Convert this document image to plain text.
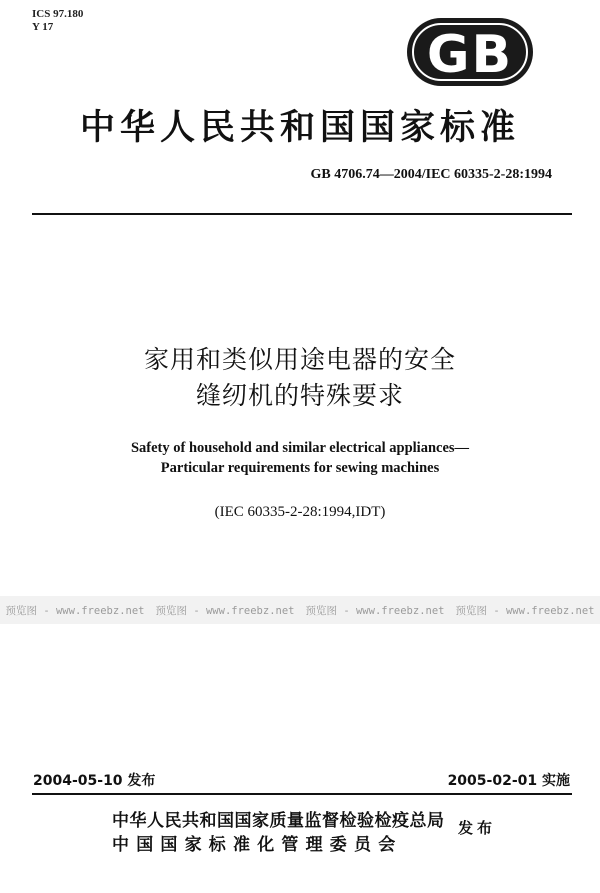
ICS 97.180
Y 17	GB
中华人民共和国国家标准
GB 4706.74—2004/IEC 60335-2-28:1994
家用和类似用途电器的安全
缝纫机的特殊要求
Safety of household and similar electrical appliances—
Particular requirements for sewing machines
(IEC 60335-2-28:1994,IDT)
预览图 - www.freebz.net 预览图 - www.freebz.net 预览图 - www.freebz.net 预览图 - www.freebz.net
2004-05-10 发布	2005-02-01 实施
中华人民共和国国家质量监督检验检疫总局
中国国家标准化管理委员会
发布
